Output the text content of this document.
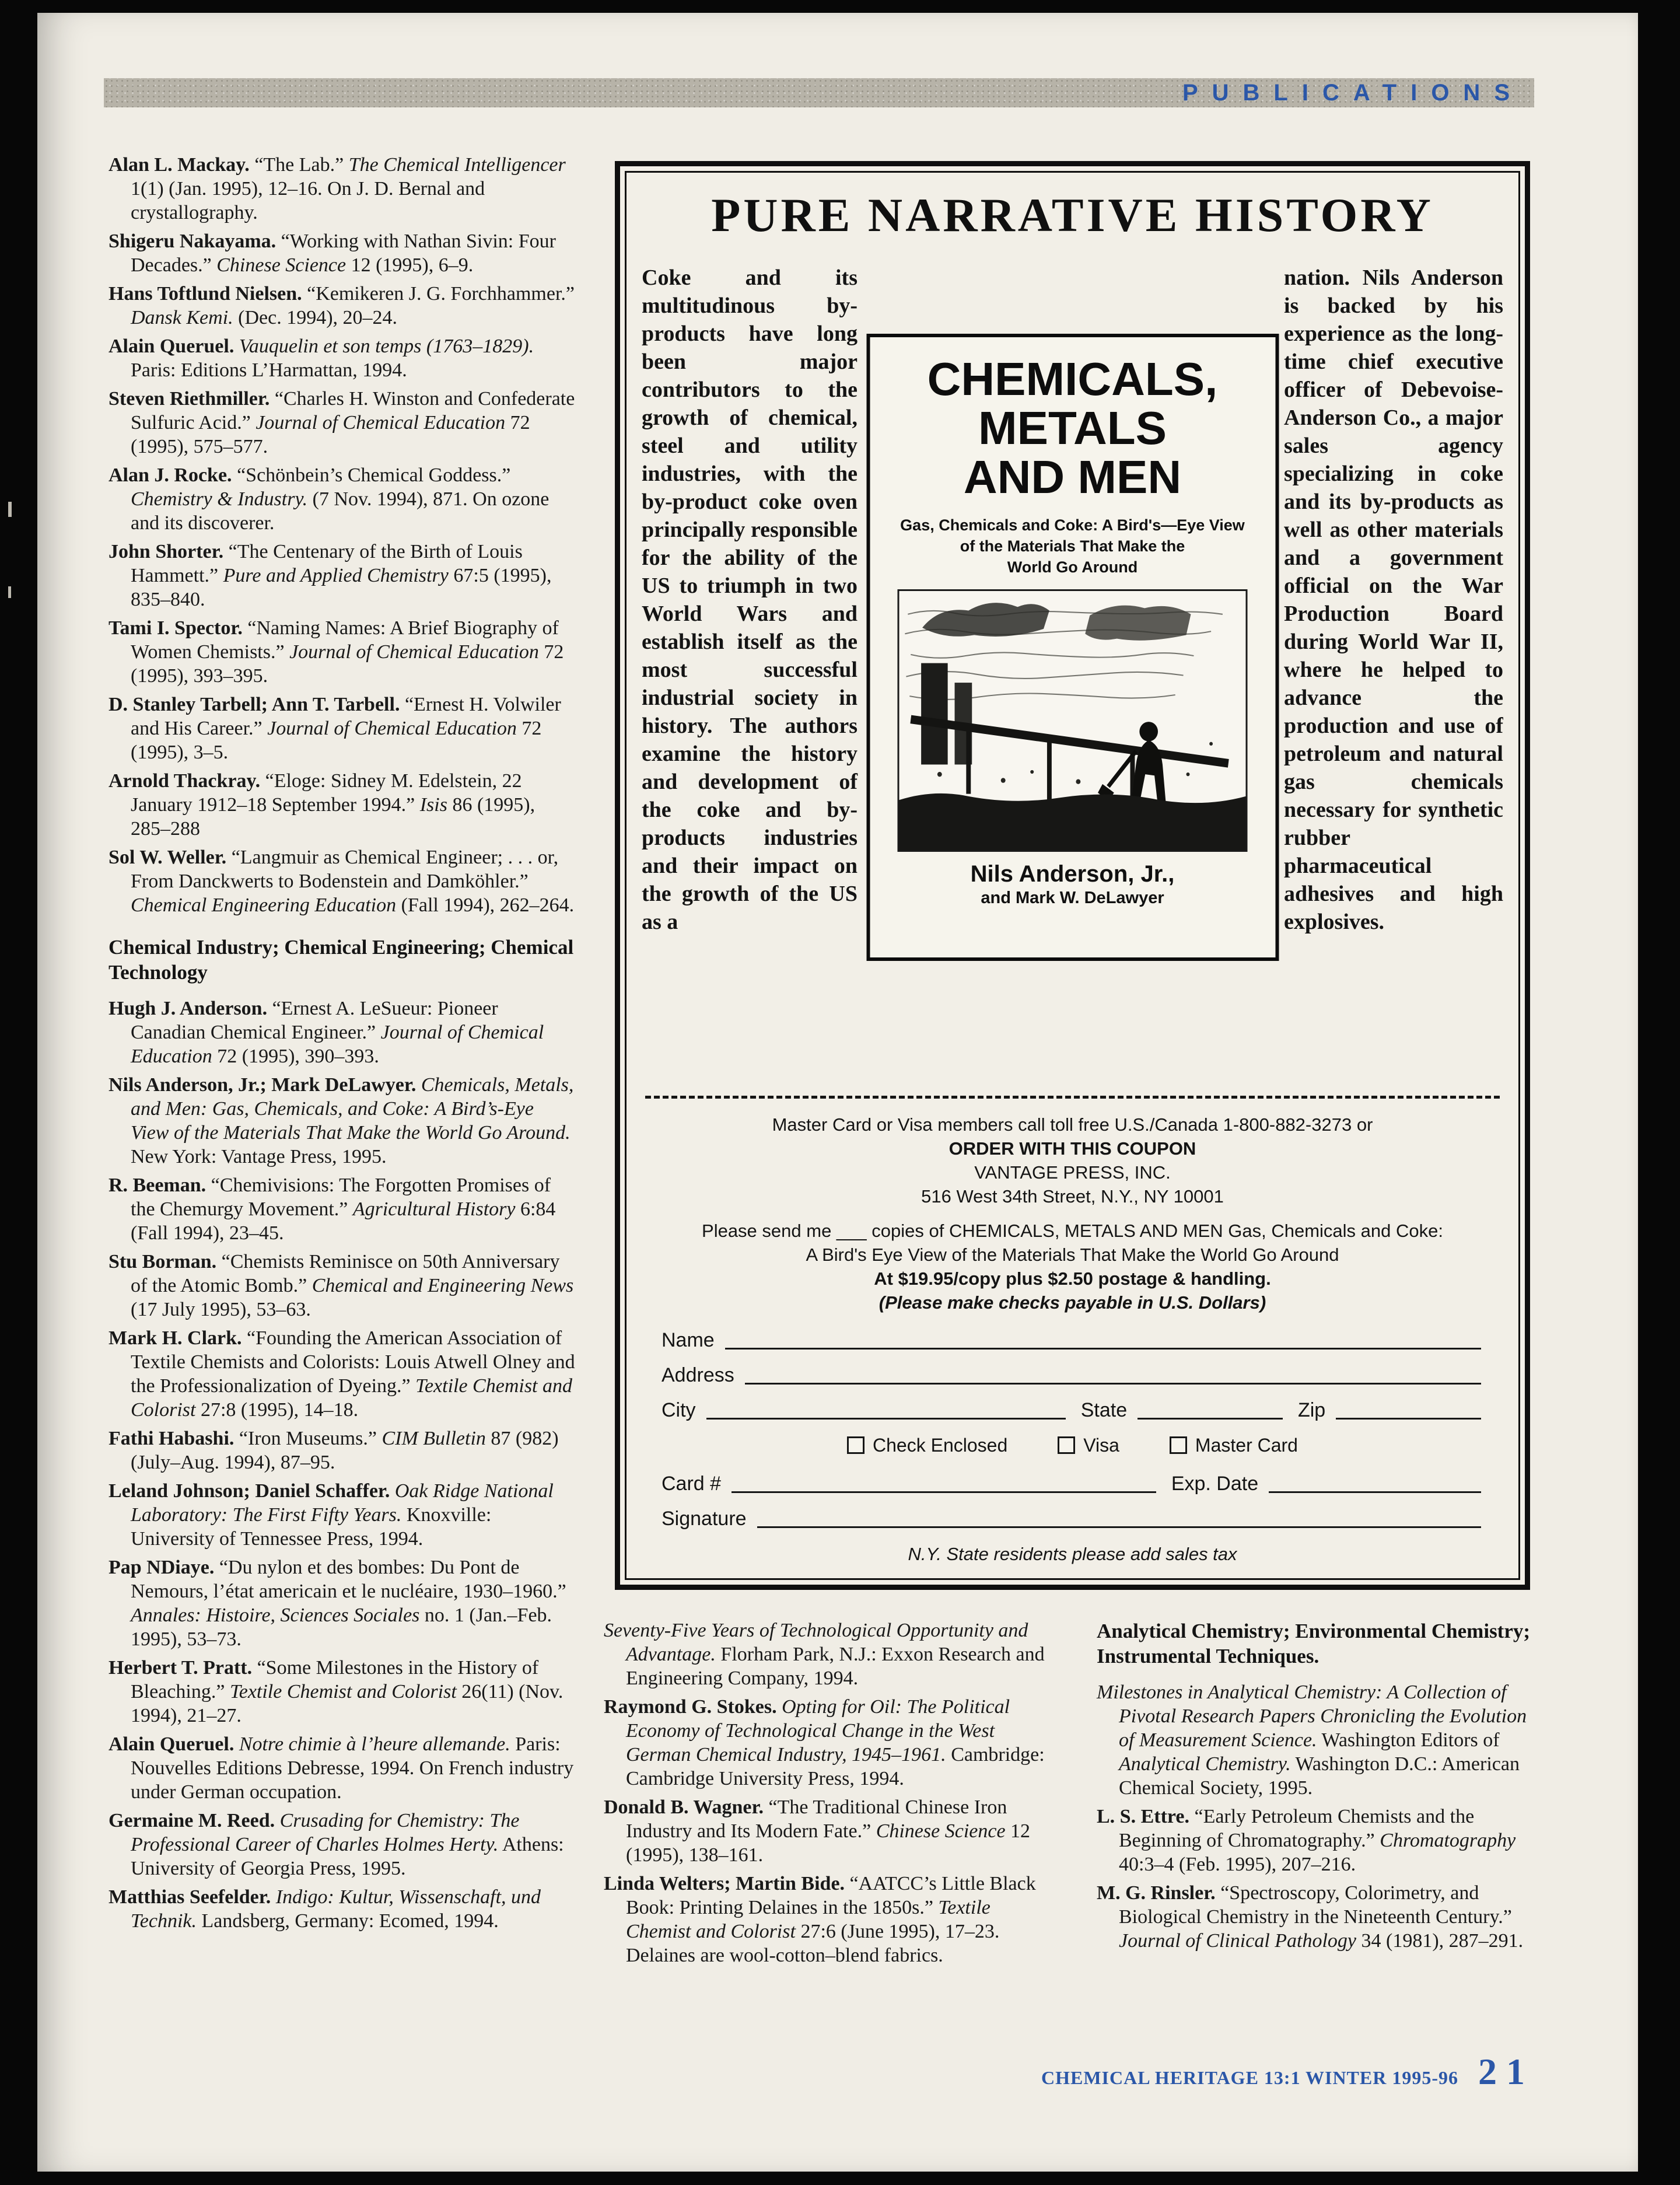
PUBLICATIONS

Alan L. Mackay. “The Lab.” The Chemical Intelligencer 1(1) (Jan. 1995), 12–16. On J. D. Bernal and crystallography.

Shigeru Nakayama. “Working with Nathan Sivin: Four Decades.” Chinese Science 12 (1995), 6–9.

Hans Toftlund Nielsen. “Kemikeren J. G. Forchhammer.” Dansk Kemi. (Dec. 1994), 20–24.

Alain Queruel. Vauquelin et son temps (1763–1829). Paris: Editions L’Harmattan, 1994.

Steven Riethmiller. “Charles H. Winston and Confederate Sulfuric Acid.” Journal of Chemical Education 72 (1995), 575–577.

Alan J. Rocke. “Schönbein’s Chemical Goddess.” Chemistry & Industry. (7 Nov. 1994), 871. On ozone and its discoverer.

John Shorter. “The Centenary of the Birth of Louis Hammett.” Pure and Applied Chemistry 67:5 (1995), 835–840.

Tami I. Spector. “Naming Names: A Brief Biography of Women Chemists.” Journal of Chemical Education 72 (1995), 393–395.

D. Stanley Tarbell; Ann T. Tarbell. “Ernest H. Volwiler and His Career.” Journal of Chemical Education 72 (1995), 3–5.

Arnold Thackray. “Eloge: Sidney M. Edelstein, 22 January 1912–18 September 1994.” Isis 86 (1995), 285–288

Sol W. Weller. “Langmuir as Chemical Engineer; . . . or, From Danckwerts to Bodenstein and Damköhler.” Chemical Engineering Education (Fall 1994), 262–264.

Chemical Industry; Chemical Engineering; Chemical Technology

Hugh J. Anderson. “Ernest A. LeSueur: Pioneer Canadian Chemical Engineer.” Journal of Chemical Education 72 (1995), 390–393.

Nils Anderson, Jr.; Mark DeLawyer. Chemicals, Metals, and Men: Gas, Chemicals, and Coke: A Bird’s-Eye View of the Materials That Make the World Go Around. New York: Vantage Press, 1995.

R. Beeman. “Chemivisions: The Forgotten Promises of the Chemurgy Movement.” Agricultural History 6:84 (Fall 1994), 23–45.

Stu Borman. “Chemists Reminisce on 50th Anniversary of the Atomic Bomb.” Chemical and Engineering News (17 July 1995), 53–63.

Mark H. Clark. “Founding the American Association of Textile Chemists and Colorists: Louis Atwell Olney and the Professionalization of Dyeing.” Textile Chemist and Colorist 27:8 (1995), 14–18.

Fathi Habashi. “Iron Museums.” CIM Bulletin 87 (982) (July–Aug. 1994), 87–95.

Leland Johnson; Daniel Schaffer. Oak Ridge National Laboratory: The First Fifty Years. Knoxville: University of Tennessee Press, 1994.

Pap NDiaye. “Du nylon et des bombes: Du Pont de Nemours, l’état americain et le nucléaire, 1930–1960.” Annales: Histoire, Sciences Sociales no. 1 (Jan.–Feb. 1995), 53–73.

Herbert T. Pratt. “Some Milestones in the History of Bleaching.” Textile Chemist and Colorist 26(11) (Nov. 1994), 21–27.

Alain Queruel. Notre chimie à l’heure allemande. Paris: Nouvelles Editions Debresse, 1994. On French industry under German occupation.

Germaine M. Reed. Crusading for Chemistry: The Professional Career of Charles Holmes Herty. Athens: University of Georgia Press, 1995.

Matthias Seefelder. Indigo: Kultur, Wissenschaft, und Technik. Landsberg, Germany: Ecomed, 1994.

PURE NARRATIVE HISTORY
Coke and its multitudinous by-products have long been major contributors to the growth of chemical, steel and utility industries, with the by-product coke oven principally responsible for the ability of the US to triumph in two World Wars and establish itself as the most successful industrial society in history. The authors examine the history and development of the coke and by-products industries and their impact on the growth of the US as a
nation. Nils Anderson is backed by his experience as the long-time chief executive officer of Debevoise-Anderson Co., a major sales agency specializing in coke and its by-products as well as other materials and a government official on the War Production Board during World War II, where he helped to advance the production and use of petroleum and natural gas chemicals necessary for synthetic rubber pharmaceutical adhesives and high explosives.
CHEMICALS,
METALS
AND MEN
Gas, Chemicals and Coke: A Bird's—Eye View
of the Materials That Make the
World Go Around
Nils Anderson, Jr.,
and Mark W. DeLawyer
Master Card or Visa members call toll free U.S./Canada 1-800-882-3273 or
ORDER WITH THIS COUPON
VANTAGE PRESS, INC.
516 West 34th Street, N.Y., NY 10001
Please send me ___ copies of CHEMICALS, METALS AND MEN Gas, Chemicals and Coke:
A Bird's Eye View of the Materials That Make the World Go Around
At $19.95/copy plus $2.50 postage & handling.
(Please make checks payable in U.S. Dollars)
Name
Address
City	State	Zip
Check Enclosed	Visa	Master Card
Card #	Exp. Date
Signature
N.Y. State residents please add sales tax

Seventy-Five Years of Technological Opportunity and Advantage. Florham Park, N.J.: Exxon Research and Engineering Company, 1994.

Raymond G. Stokes. Opting for Oil: The Political Economy of Technological Change in the West German Chemical Industry, 1945–1961. Cambridge: Cambridge University Press, 1994.

Donald B. Wagner. “The Traditional Chinese Iron Industry and Its Modern Fate.” Chinese Science 12 (1995), 138–161.

Linda Welters; Martin Bide. “AATCC’s Little Black Book: Printing Delaines in the 1850s.” Textile Chemist and Colorist 27:6 (June 1995), 17–23. Delaines are wool-cotton–blend fabrics.

Analytical Chemistry; Environmental Chemistry; Instrumental Techniques.

Milestones in Analytical Chemistry: A Collection of Pivotal Research Papers Chronicling the Evolution of Measurement Science. Washington Editors of Analytical Chemistry. Washington D.C.: American Chemical Society, 1995.

L. S. Ettre. “Early Petroleum Chemists and the Beginning of Chromatography.” Chromatography 40:3–4 (Feb. 1995), 207–216.

M. G. Rinsler. “Spectroscopy, Colorimetry, and Biological Chemistry in the Nineteenth Century.” Journal of Clinical Pathology 34 (1981), 287–291.

CHEMICAL HERITAGE 13:1 WINTER 1995-96 21
